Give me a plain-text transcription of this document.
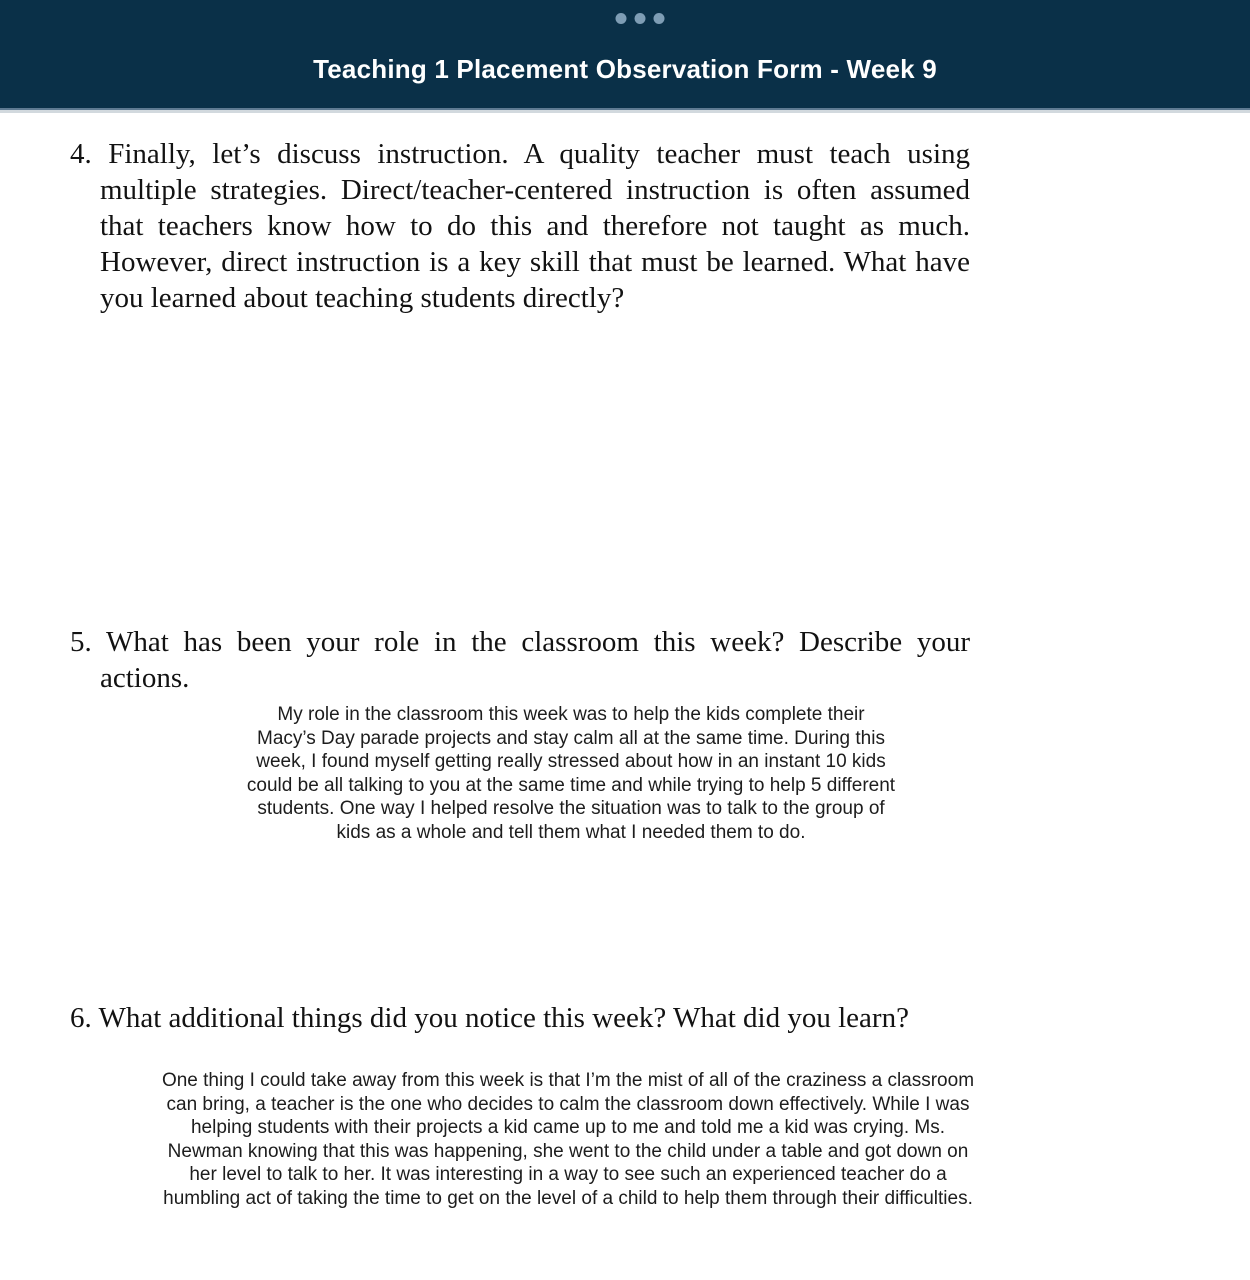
Teaching 1 Placement Observation Form - Week 9

4. Finally, let’s discuss instruction. A quality teacher must teach using multiple strategies. Direct/teacher-centered instruction is often assumed that teachers know how to do this and therefore not taught as much. However, direct instruction is a key skill that must be learned. What have you learned about teaching students directly?

5. What has been your role in the classroom this week? Describe your actions.

My role in the classroom this week was to help the kids complete their Macy’s Day parade projects and stay calm all at the same time. During this week, I found myself getting really stressed about how in an instant 10 kids could be all talking to you at the same time and while trying to help 5 different students. One way I helped resolve the situation was to talk to the group of kids as a whole and tell them what I needed them to do.

6. What additional things did you notice this week? What did you learn?

One thing I could take away from this week is that I’m the mist of all of the craziness a classroom can bring, a teacher is the one who decides to calm the classroom down effectively. While I was helping students with their projects a kid came up to me and told me a kid was crying. Ms. Newman knowing that this was happening, she went to the child under a table and got down on her level to talk to her. It was interesting in a way to see such an experienced teacher do a humbling act of taking the time to get on the level of a child to help them through their difficulties.
